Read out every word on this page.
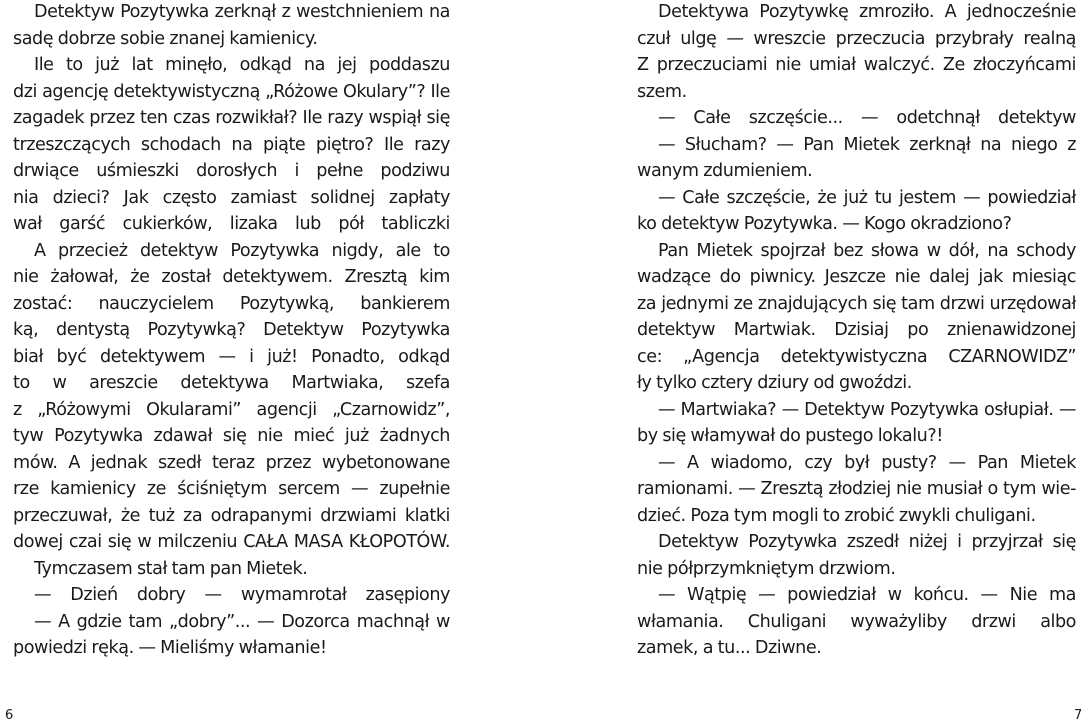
Detektyw Pozytywka zerknął z westchnieniem na
sadę dobrze sobie znanej kamienicy.
Ile to już lat minęło, odkąd na jej poddaszu
dzi agencję detektywistyczną „Różowe Okulary”? Ile
zagadek przez ten czas rozwikłał? Ile razy wspiął się
trzeszczących schodach na piąte piętro? Ile razy
drwiące uśmieszki dorosłych i pełne podziwu
nia dzieci? Jak często zamiast solidnej zapłaty
wał garść cukierków, lizaka lub pół tabliczki
A przecież detektyw Pozytywka nigdy, ale to
nie żałował, że został detektywem. Zresztą kim
zostać: nauczycielem Pozytywką, bankierem
ką, dentystą Pozytywką? Detektyw Pozytywka
biał być detektywem — i już! Ponadto, odkąd
to w areszcie detektywa Martwiaka, szefa
z „Różowymi Okularami” agencji „Czarnowidz”,
tyw Pozytywka zdawał się nie mieć już żadnych
mów. A jednak szedł teraz przez wybetonowane
rze kamienicy ze ściśniętym sercem — zupełnie
przeczuwał, że tuż za odrapanymi drzwiami klatki
dowej czai się w milczeniu CAŁA MASA KŁOPOTÓW.
Tymczasem stał tam pan Mietek.
— Dzień dobry — wymamrotał zasępiony
— A gdzie tam „dobry”... — Dozorca machnął w
powiedzi ręką. — Mieliśmy włamanie!
6
Detektywa Pozytywkę zmroziło. A jednocześnie
czuł ulgę — wreszcie przeczucia przybrały realną
Z przeczuciami nie umiał walczyć. Ze złoczyńcami
szem.
— Całe szczęście... — odetchnął detektyw
— Słucham? — Pan Mietek zerknął na niego z
wanym zdumieniem.
— Całe szczęście, że już tu jestem — powiedział
ko detektyw Pozytywka. — Kogo okradziono?
Pan Mietek spojrzał bez słowa w dół, na schody
wadzące do piwnicy. Jeszcze nie dalej jak miesiąc
za jednymi ze znajdujących się tam drzwi urzędował
detektyw Martwiak. Dzisiaj po znienawidzonej
ce: „Agencja detektywistyczna CZARNOWIDZ”
ły tylko cztery dziury od gwoździ.
— Martwiaka? — Detektyw Pozytywka osłupiał. —
by się włamywał do pustego lokalu?!
— A wiadomo, czy był pusty? — Pan Mietek
ramionami. — Zresztą złodziej nie musiał o tym wie-
dzieć. Poza tym mogli to zrobić zwykli chuligani.
Detektyw Pozytywka zszedł niżej i przyjrzał się
nie półprzymkniętym drzwiom.
— Wątpię — powiedział w końcu. — Nie ma
włamania. Chuligani wyważyliby drzwi albo
zamek, a tu... Dziwne.
7
